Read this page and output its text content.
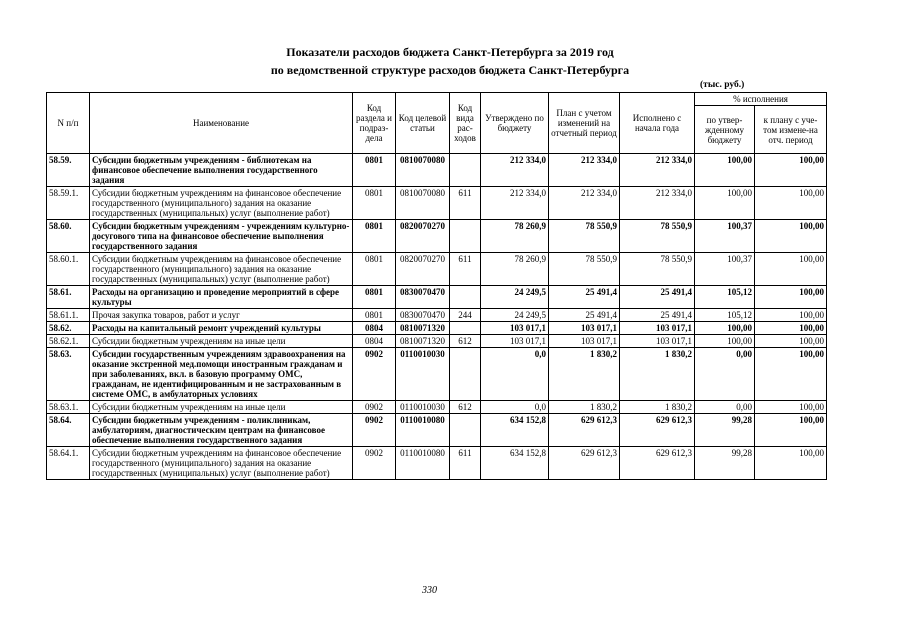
Показатели расходов бюджета Санкт-Петербурга за 2019 год
по ведомственной структуре расходов бюджета Санкт-Петербурга
(тыс. руб.)
N п/п	Наименование	Код раздела и подраз-дела	Код целевой статьи	Код вида рас-ходов	Утверждено по бюджету	План с учетом изменений на отчетный период	Исполнено с начала года	% исполнения	
								по утвер-жденному бюджету	к плану с уче-том измене-на отч. период
58.59.	Субсидии бюджетным учреждениям - библиотекам на финансовое обеспечение выполнения государственного задания	0801	0810070080		212 334,0	212 334,0	212 334,0	100,00	100,00
58.59.1.	Субсидии бюджетным учреждениям на финансовое обеспечение государственного (муниципального) задания на оказание государственных (муниципальных) услуг (выполнение работ)	0801	0810070080	611	212 334,0	212 334,0	212 334,0	100,00	100,00
58.60.	Субсидии бюджетным учреждениям - учреждениям культурно-досугового типа на финансовое обеспечение выполнения государственного задания	0801	0820070270		78 260,9	78 550,9	78 550,9	100,37	100,00
58.60.1.	Субсидии бюджетным учреждениям на финансовое обеспечение государственного (муниципального) задания на оказание государственных (муниципальных) услуг (выполнение работ)	0801	0820070270	611	78 260,9	78 550,9	78 550,9	100,37	100,00
58.61.	Расходы на организацию и проведение мероприятий в сфере культуры	0801	0830070470		24 249,5	25 491,4	25 491,4	105,12	100,00
58.61.1.	Прочая закупка товаров, работ и услуг	0801	0830070470	244	24 249,5	25 491,4	25 491,4	105,12	100,00
58.62.	Расходы на капитальный ремонт учреждений культуры	0804	0810071320		103 017,1	103 017,1	103 017,1	100,00	100,00
58.62.1.	Субсидии бюджетным учреждениям на иные цели	0804	0810071320	612	103 017,1	103 017,1	103 017,1	100,00	100,00
58.63.	Субсидии государственным учреждениям здравоохранения на оказание экстренной мед.помощи иностранным гражданам и при заболеваниях, вкл. в базовую программу ОМС, гражданам, не идентифицированным и не застрахованным в системе ОМС, в амбулаторных условиях	0902	0110010030		0,0	1 830,2	1 830,2	0,00	100,00
58.63.1.	Субсидии бюджетным учреждениям на иные цели	0902	0110010030	612	0,0	1 830,2	1 830,2	0,00	100,00
58.64.	Субсидии бюджетным учреждениям - поликлиникам, амбулаториям, диагностическим центрам на финансовое обеспечение выполнения государственного задания	0902	0110010080		634 152,8	629 612,3	629 612,3	99,28	100,00
58.64.1.	Субсидии бюджетным учреждениям на финансовое обеспечение государственного (муниципального) задания на оказание государственных (муниципальных) услуг (выполнение работ)	0902	0110010080	611	634 152,8	629 612,3	629 612,3	99,28	100,00
330
